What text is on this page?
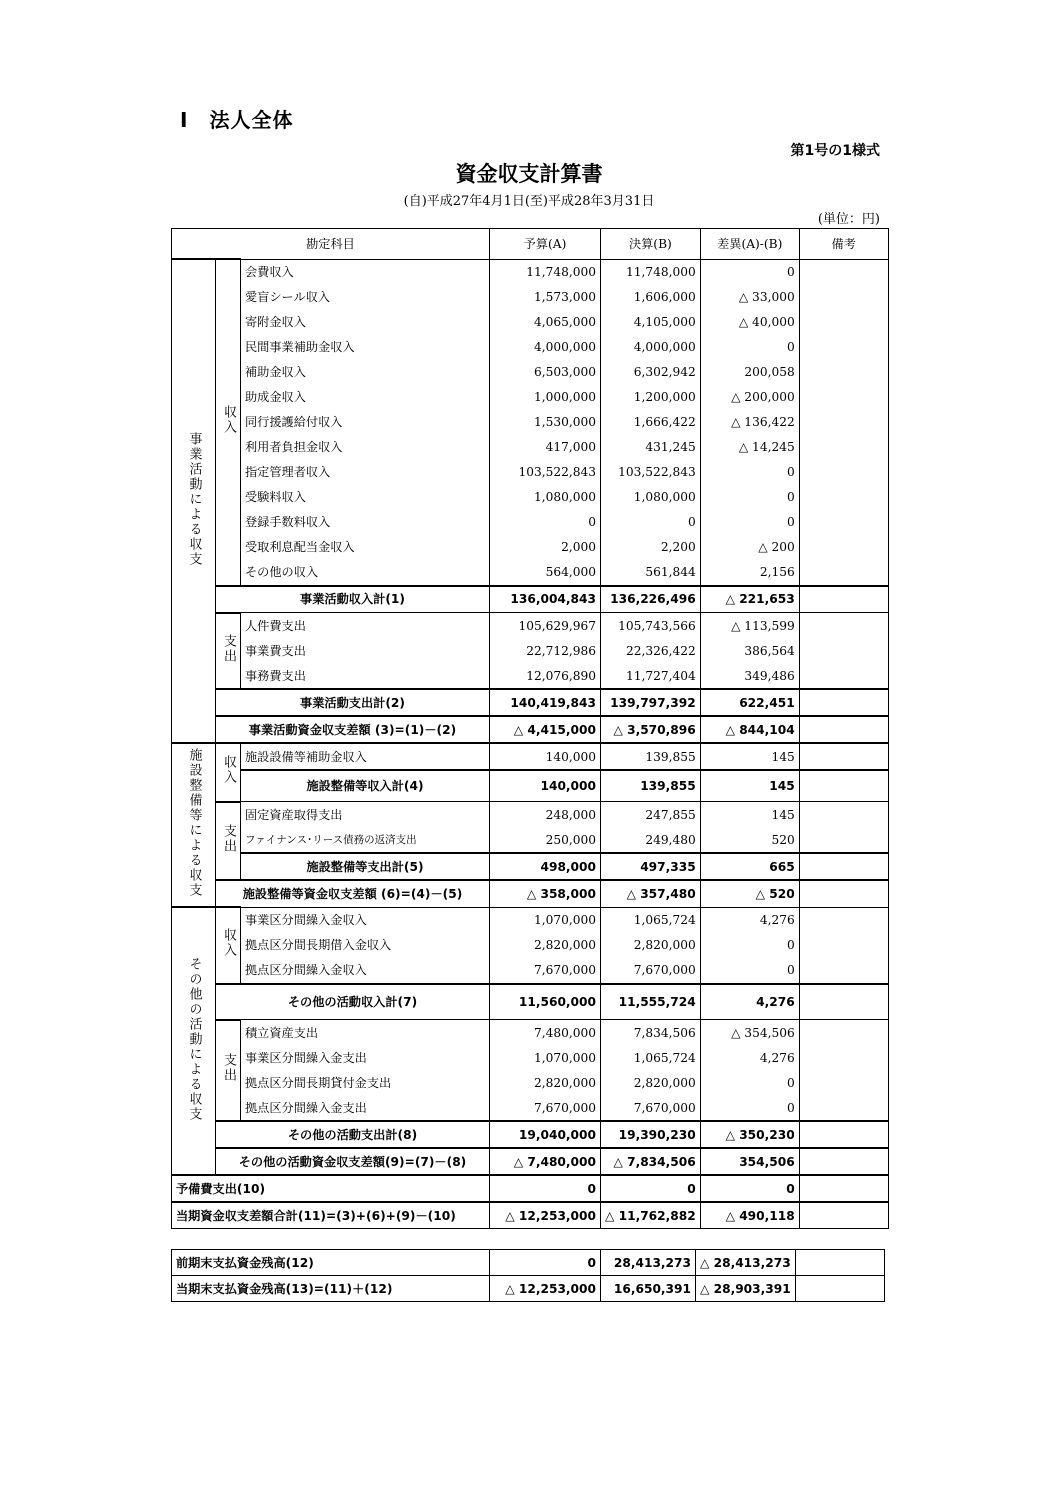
Ⅰ　法人全体
第1号の1様式
資金収支計算書
(自)平成27年4月1日(至)平成28年3月31日
(単位：円)
勘定科目			予算(A)	決算(B)	差異(A)-(B)	備考
事業活動による収支	収入	会費収入	11,748,000	11,748,000	0	
		愛盲シール収入	1,573,000	1,606,000	△ 33,000	
		寄附金収入	4,065,000	4,105,000	△ 40,000	
		民間事業補助金収入	4,000,000	4,000,000	0	
		補助金収入	6,503,000	6,302,942	200,058	
		助成金収入	1,000,000	1,200,000	△ 200,000	
		同行援護給付収入	1,530,000	1,666,422	△ 136,422	
		利用者負担金収入	417,000	431,245	△ 14,245	
		指定管理者収入	103,522,843	103,522,843	0	
		受験料収入	1,080,000	1,080,000	0	
		登録手数料収入	0	0	0	
		受取利息配当金収入	2,000	2,200	△ 200	
		その他の収入	564,000	561,844	2,156	
	事業活動収入計(1)		136,004,843	136,226,496	△ 221,653	
	支出	人件費支出	105,629,967	105,743,566	△ 113,599	
		事業費支出	22,712,986	22,326,422	386,564	
		事務費支出	12,076,890	11,727,404	349,486	
	事業活動支出計(2)		140,419,843	139,797,392	622,451	
	事業活動資金収支差額 (3)=(1)－(2)		△ 4,415,000	△ 3,570,896	△ 844,104	
施設整備等による収支	収入	施設設備等補助金収入	140,000	139,855	145	
		施設整備等収入計(4)	140,000	139,855	145	
	支出	固定資産取得支出	248,000	247,855	145	
		ファイナンス･リース債務の返済支出	250,000	249,480	520	
		施設整備等支出計(5)	498,000	497,335	665	
	施設整備等資金収支差額 (6)=(4)－(5)		△ 358,000	△ 357,480	△ 520	
その他の活動による収支	収入	事業区分間繰入金収入	1,070,000	1,065,724	4,276	
		拠点区分間長期借入金収入	2,820,000	2,820,000	0	
		拠点区分間繰入金収入	7,670,000	7,670,000	0	
	その他の活動収入計(7)		11,560,000	11,555,724	4,276	
	支出	積立資産支出	7,480,000	7,834,506	△ 354,506	
		事業区分間繰入金支出	1,070,000	1,065,724	4,276	
		拠点区分間長期貸付金支出	2,820,000	2,820,000	0	
		拠点区分間繰入金支出	7,670,000	7,670,000	0	
	その他の活動支出計(8)		19,040,000	19,390,230	△ 350,230	
	その他の活動資金収支差額(9)=(7)－(8)		△ 7,480,000	△ 7,834,506	354,506	
予備費支出(10)			0	0	0	
当期資金収支差額合計(11)=(3)+(6)+(9)－(10)			△ 12,253,000	△ 11,762,882	△ 490,118	
前期末支払資金残高(12)	0	28,413,273	△ 28,413,273	
当期末支払資金残高(13)=(11)＋(12)	△ 12,253,000	16,650,391	△ 28,903,391	
